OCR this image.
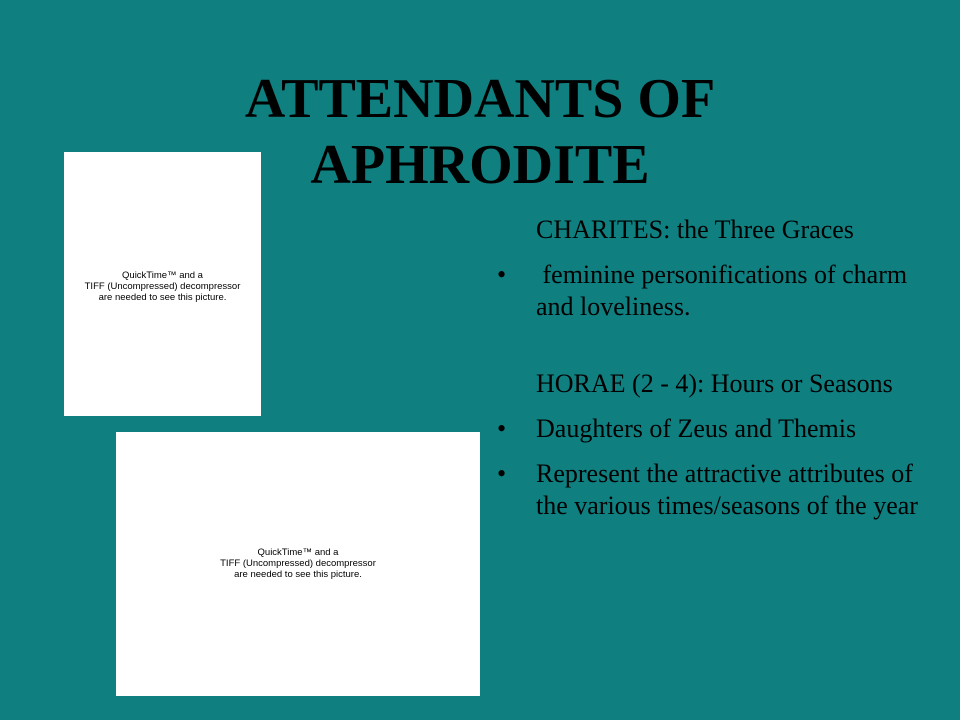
ATTENDANTS OF
APHRODITE
QuickTime™ and a
TIFF (Uncompressed) decompressor
are needed to see this picture.
QuickTime™ and a
TIFF (Uncompressed) decompressor
are needed to see this picture.
CHARITES: the Three Graces
• feminine personifications of charm and loveliness.
HORAE (2 - 4): Hours or Seasons
• Daughters of Zeus and Themis
• Represent the attractive attributes of the various times/seasons of the year
